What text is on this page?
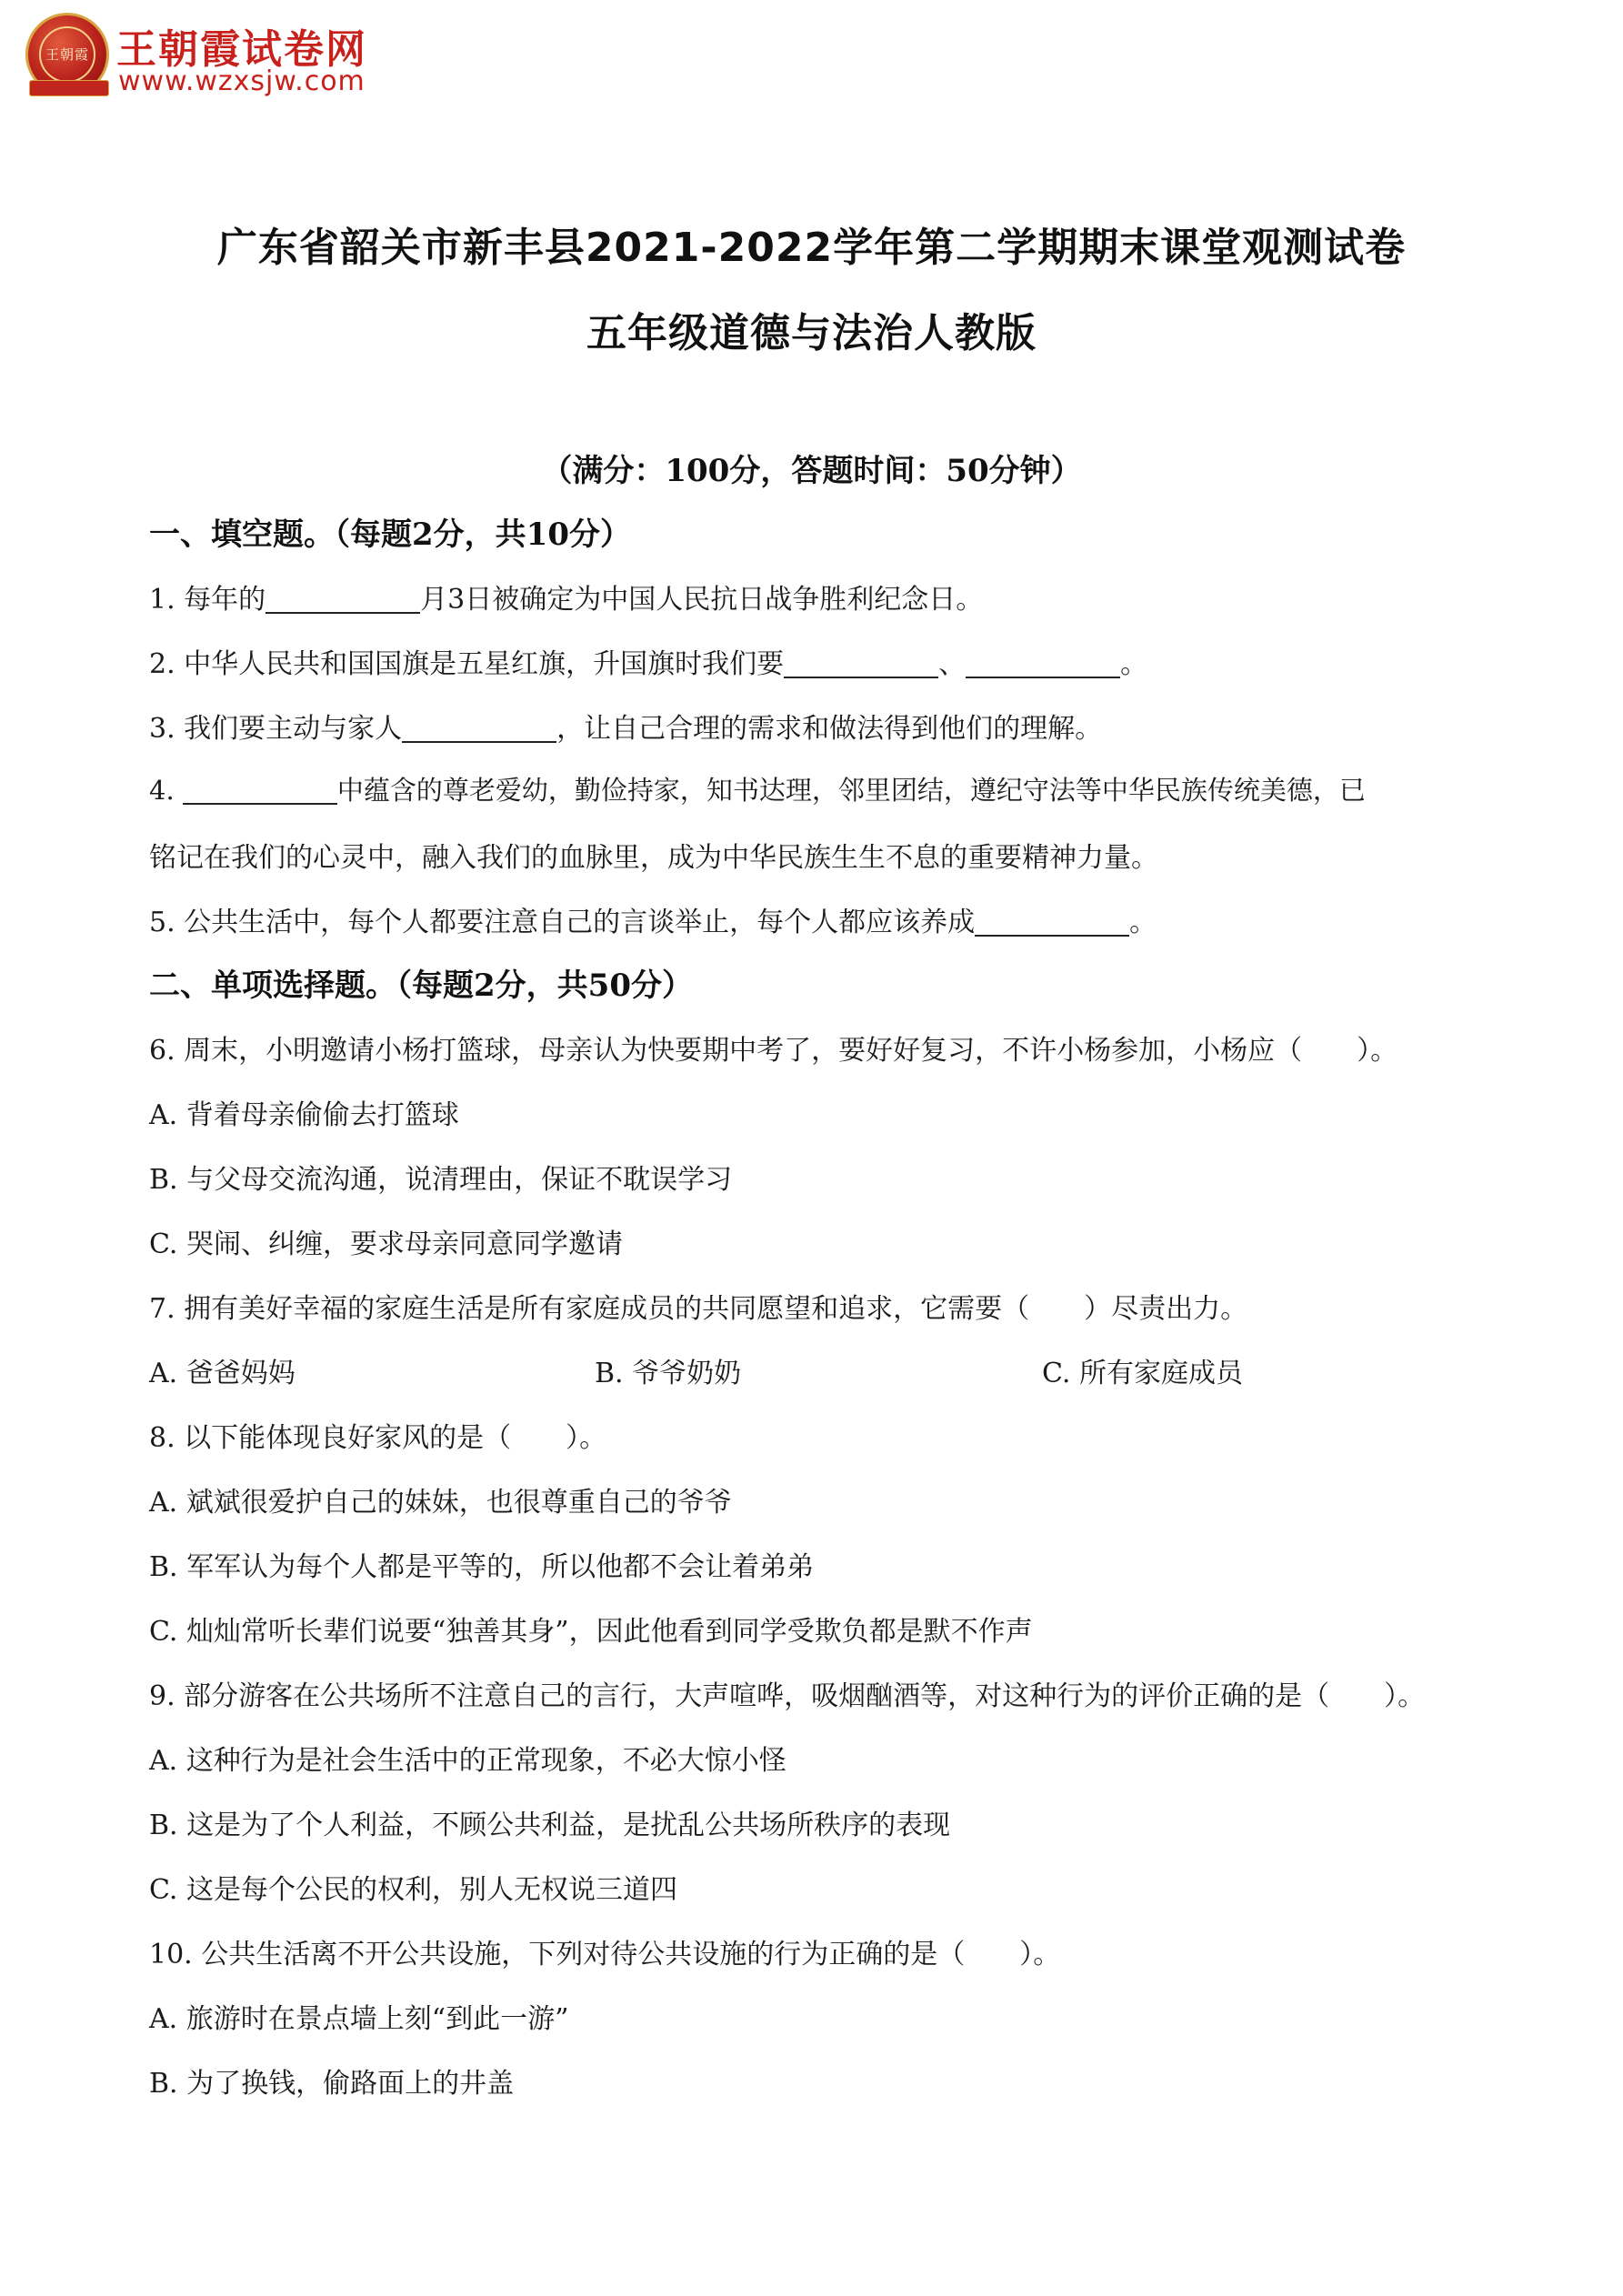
王朝霞 王朝霞试卷网
www.wzxsjw.com
广东省韶关市新丰县2021-2022学年第二学期期末课堂观测试卷
五年级道德与法治人教版
（满分：100分，答题时间：50分钟）
一、填空题。（每题2分，共10分）
1. 每年的	月3日被确定为中国人民抗日战争胜利纪念日。
2. 中华人民共和国国旗是五星红旗，升国旗时我们要	、	。
3. 我们要主动与家人	，让自己合理的需求和做法得到他们的理解。
4.	中蕴含的尊老爱幼，勤俭持家，知书达理，邻里团结，遵纪守法等中华民族传统美德，已
铭记在我们的心灵中，融入我们的血脉里，成为中华民族生生不息的重要精神力量。
5. 公共生活中，每个人都要注意自己的言谈举止，每个人都应该养成	。
二、单项选择题。（每题2分，共50分）
6. 周末，小明邀请小杨打篮球，母亲认为快要期中考了，要好好复习，不许小杨参加，小杨应（　　）。
A. 背着母亲偷偷去打篮球
B. 与父母交流沟通，说清理由，保证不耽误学习
C. 哭闹、纠缠，要求母亲同意同学邀请
7. 拥有美好幸福的家庭生活是所有家庭成员的共同愿望和追求，它需要（　　）尽责出力。
A. 爸爸妈妈	B. 爷爷奶奶	C. 所有家庭成员
8. 以下能体现良好家风的是（　　）。
A. 斌斌很爱护自己的妹妹，也很尊重自己的爷爷
B. 军军认为每个人都是平等的，所以他都不会让着弟弟
C. 灿灿常听长辈们说要“独善其身”，因此他看到同学受欺负都是默不作声
9. 部分游客在公共场所不注意自己的言行，大声喧哗，吸烟酗酒等，对这种行为的评价正确的是（　　）。
A. 这种行为是社会生活中的正常现象，不必大惊小怪
B. 这是为了个人利益，不顾公共利益，是扰乱公共场所秩序的表现
C. 这是每个公民的权利，别人无权说三道四
10. 公共生活离不开公共设施，下列对待公共设施的行为正确的是（　　）。
A. 旅游时在景点墙上刻“到此一游”
B. 为了换钱，偷路面上的井盖
